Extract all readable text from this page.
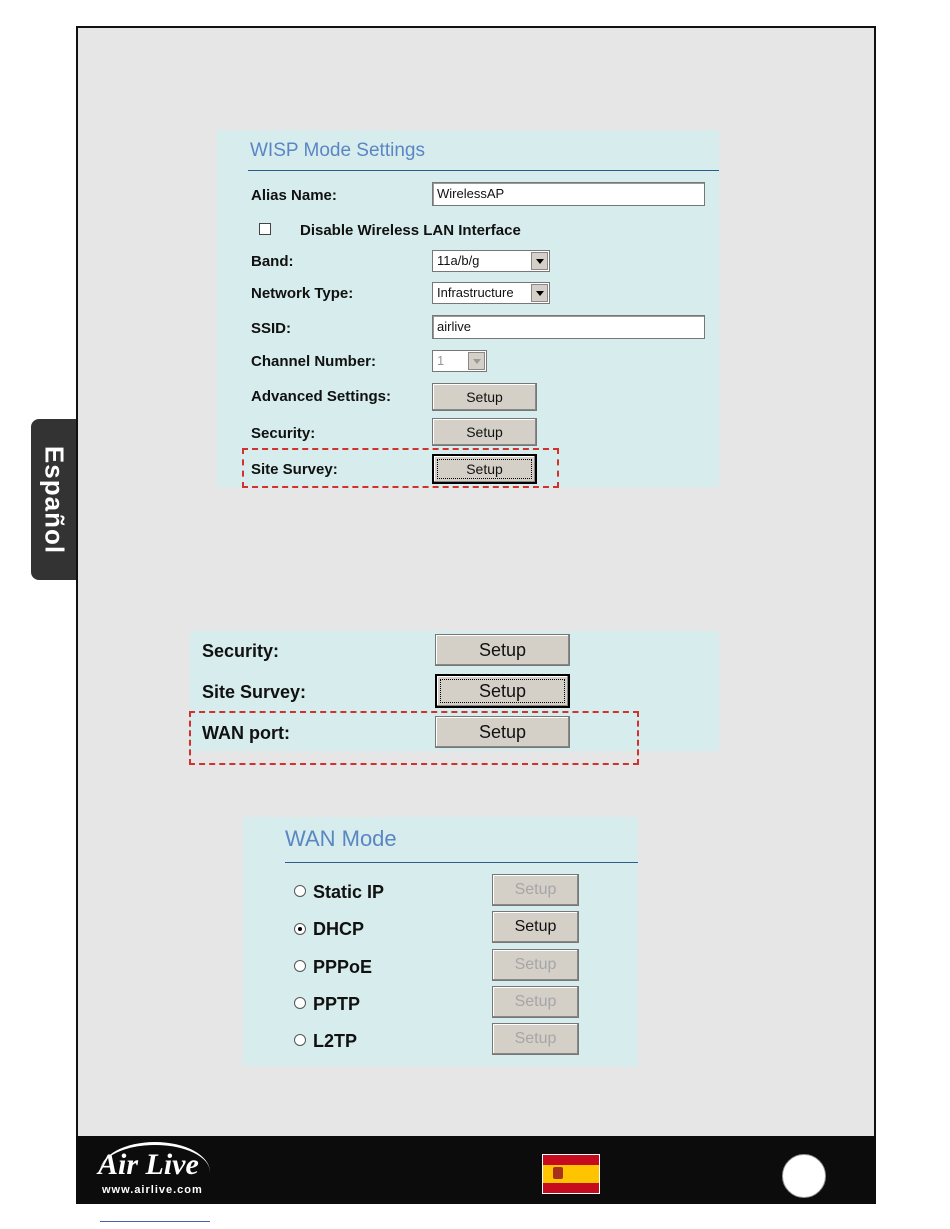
Español
WISP Mode Settings
Alias Name:	WirelessAP
Disable Wireless LAN Interface
Band:	11a/b/g
Network Type:	Infrastructure
SSID:	airlive
Channel Number:	1
Advanced Settings:	Setup
Security:	Setup
Site Survey:	Setup
Security:	Setup
Site Survey:	Setup
WAN port:	Setup
WAN Mode
Static IP	Setup
DHCP	Setup
PPPoE	Setup
PPTP	Setup
L2TP	Setup
Air Live
www.airlive.com
